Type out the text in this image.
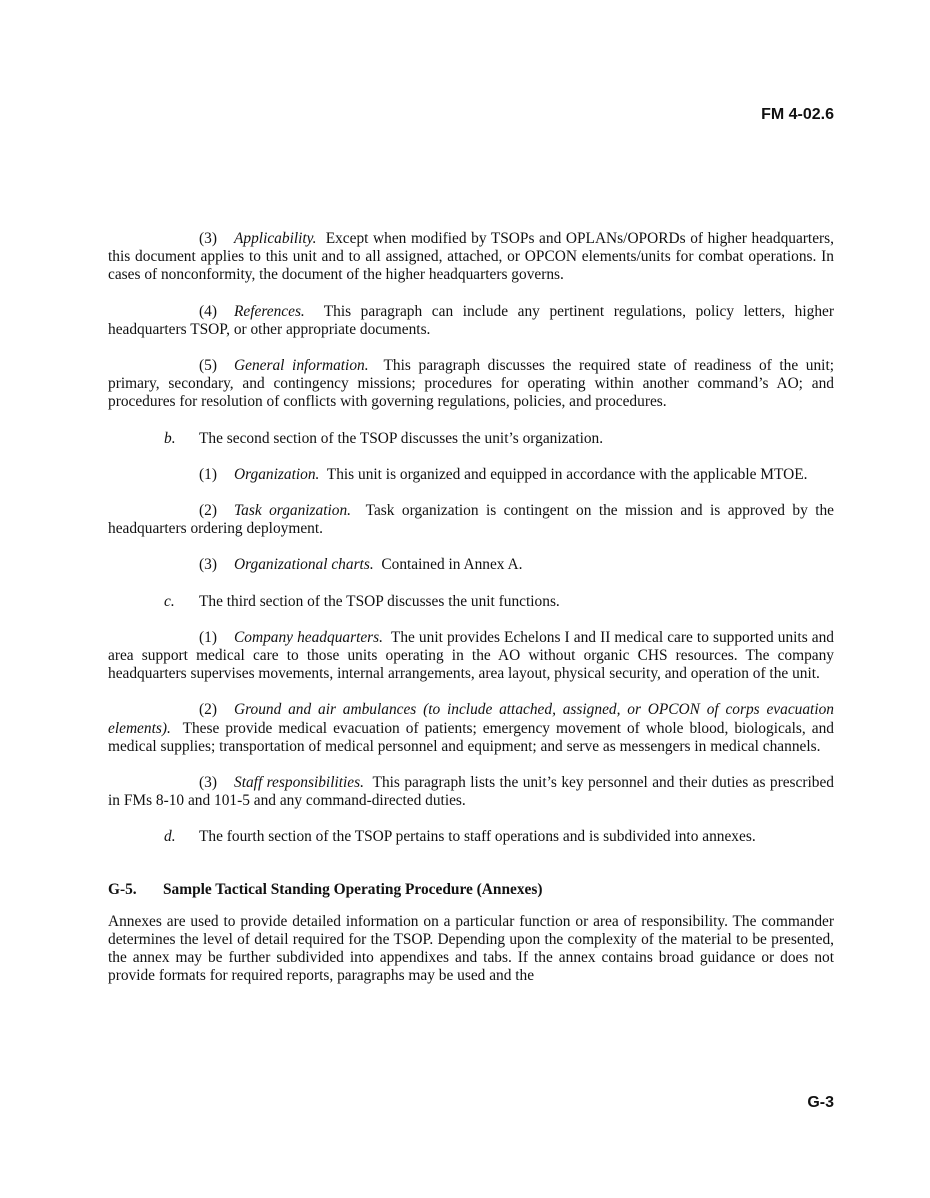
FM 4-02.6

(3) Applicability. Except when modified by TSOPs and OPLANs/OPORDs of higher headquarters, this document applies to this unit and to all assigned, attached, or OPCON elements/units for combat operations. In cases of nonconformity, the document of the higher headquarters governs.

(4) References. This paragraph can include any pertinent regulations, policy letters, higher headquarters TSOP, or other appropriate documents.

(5) General information. This paragraph discusses the required state of readiness of the unit; primary, secondary, and contingency missions; procedures for operating within another command’s AO; and procedures for resolution of conflicts with governing regulations, policies, and procedures.

b. The second section of the TSOP discusses the unit’s organization.

(1) Organization. This unit is organized and equipped in accordance with the applicable MTOE.

(2) Task organization. Task organization is contingent on the mission and is approved by the headquarters ordering deployment.

(3) Organizational charts. Contained in Annex A.

c. The third section of the TSOP discusses the unit functions.

(1) Company headquarters. The unit provides Echelons I and II medical care to supported units and area support medical care to those units operating in the AO without organic CHS resources. The company headquarters supervises movements, internal arrangements, area layout, physical security, and operation of the unit.

(2) Ground and air ambulances (to include attached, assigned, or OPCON of corps evacuation elements). These provide medical evacuation of patients; emergency movement of whole blood, biologicals, and medical supplies; transportation of medical personnel and equipment; and serve as messengers in medical channels.

(3) Staff responsibilities. This paragraph lists the unit’s key personnel and their duties as prescribed in FMs 8-10 and 101-5 and any command-directed duties.

d. The fourth section of the TSOP pertains to staff operations and is subdivided into annexes.

G-5. Sample Tactical Standing Operating Procedure (Annexes)

Annexes are used to provide detailed information on a particular function or area of responsibility. The commander determines the level of detail required for the TSOP. Depending upon the complexity of the material to be presented, the annex may be further subdivided into appendixes and tabs. If the annex contains broad guidance or does not provide formats for required reports, paragraphs may be used and the

G-3
